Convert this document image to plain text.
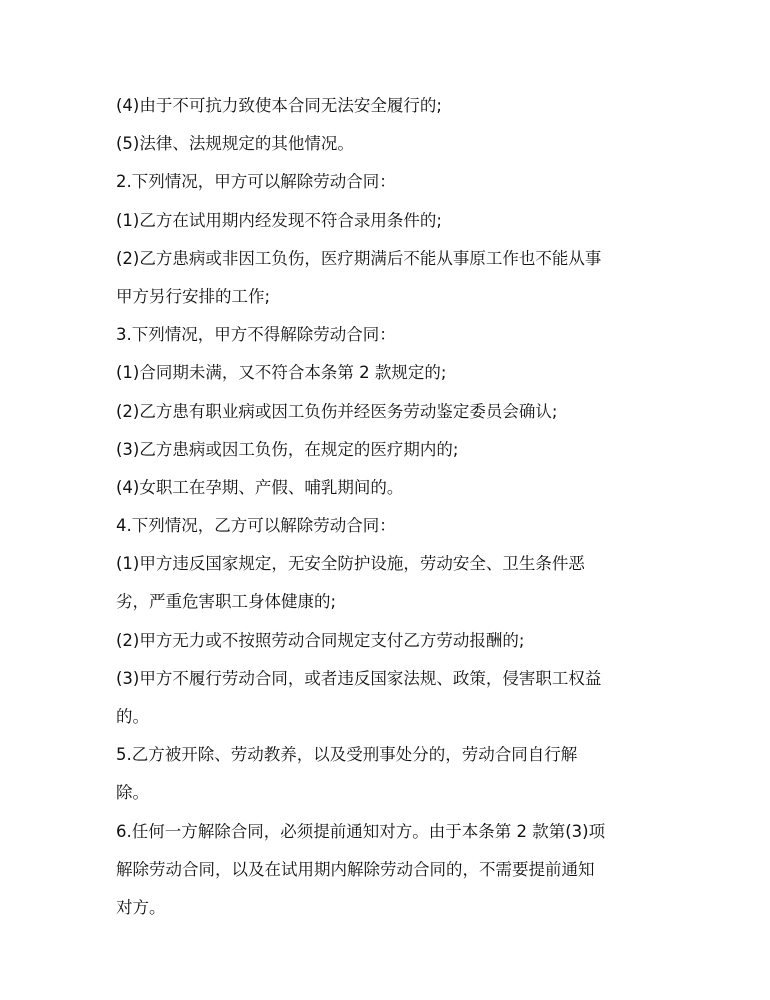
(4)由于不可抗力致使本合同无法安全履行的;
(5)法律、法规规定的其他情况。
2.下列情况，甲方可以解除劳动合同：
(1)乙方在试用期内经发现不符合录用条件的;
(2)乙方患病或非因工负伤，医疗期满后不能从事原工作也不能从事
甲方另行安排的工作;
3.下列情况，甲方不得解除劳动合同：
(1)合同期未满，又不符合本条第 2 款规定的;
(2)乙方患有职业病或因工负伤并经医务劳动鉴定委员会确认;
(3)乙方患病或因工负伤，在规定的医疗期内的;
(4)女职工在孕期、产假、哺乳期间的。
4.下列情况，乙方可以解除劳动合同：
(1)甲方违反国家规定，无安全防护设施，劳动安全、卫生条件恶
劣，严重危害职工身体健康的;
(2)甲方无力或不按照劳动合同规定支付乙方劳动报酬的;
(3)甲方不履行劳动合同，或者违反国家法规、政策，侵害职工权益
的。
5.乙方被开除、劳动教养，以及受刑事处分的，劳动合同自行解
除。
6.任何一方解除合同，必须提前通知对方。由于本条第 2 款第(3)项
解除劳动合同，以及在试用期内解除劳动合同的，不需要提前通知
对方。
